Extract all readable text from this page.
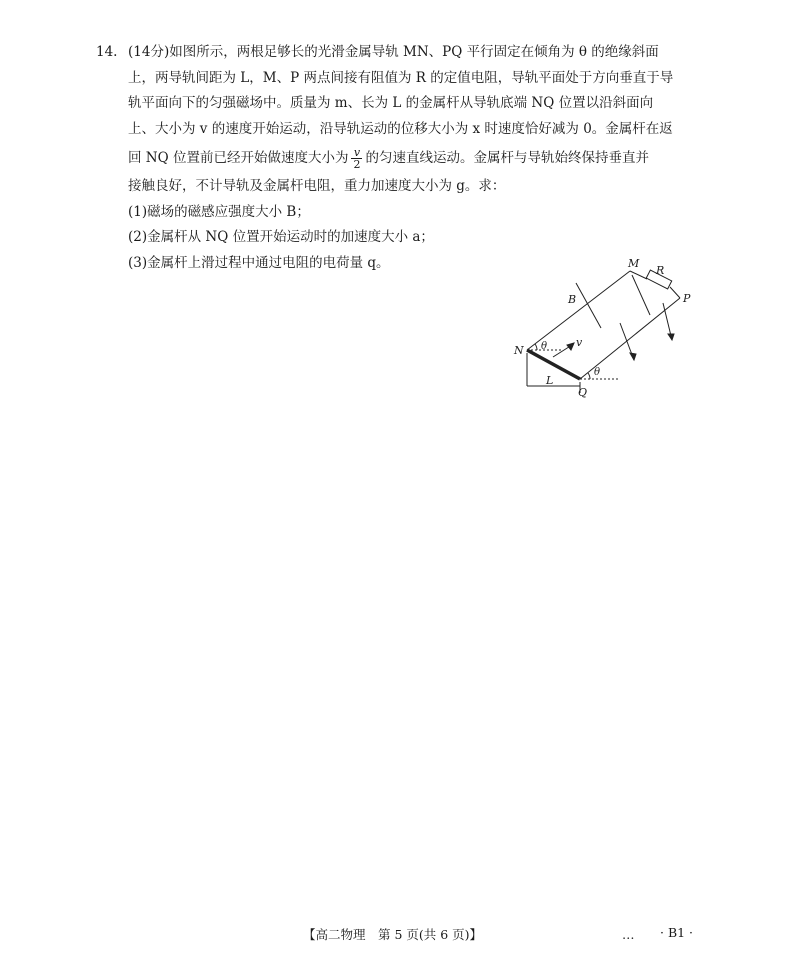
14. (14分)如图所示，两根足够长的光滑金属导轨 MN、PQ 平行固定在倾角为 θ 的绝缘斜面
上，两导轨间距为 L，M、P 两点间接有阻值为 R 的定值电阻，导轨平面处于方向垂直于导
轨平面向下的匀强磁场中。质量为 m、长为 L 的金属杆从导轨底端 NQ 位置以沿斜面向
上、大小为 v 的速度开始运动，沿导轨运动的位移大小为 x 时速度恰好减为 0。金属杆在返
回 NQ 位置前已经开始做速度大小为 $\frac{v}{2}$ 的匀速直线运动。金属杆与导轨始终保持垂直并
接触良好，不计导轨及金属杆电阻，重力加速度大小为 g。求：
(1)磁场的磁感应强度大小 B；
(2)金属杆从 NQ 位置开始运动时的加速度大小 a；
(3)金属杆上滑过程中通过电阻的电荷量 q。	M
R
P
B
N
Q
L
θ
θ
v
【高二物理　第 5 页(共 6 页)】	… · B1 ·
